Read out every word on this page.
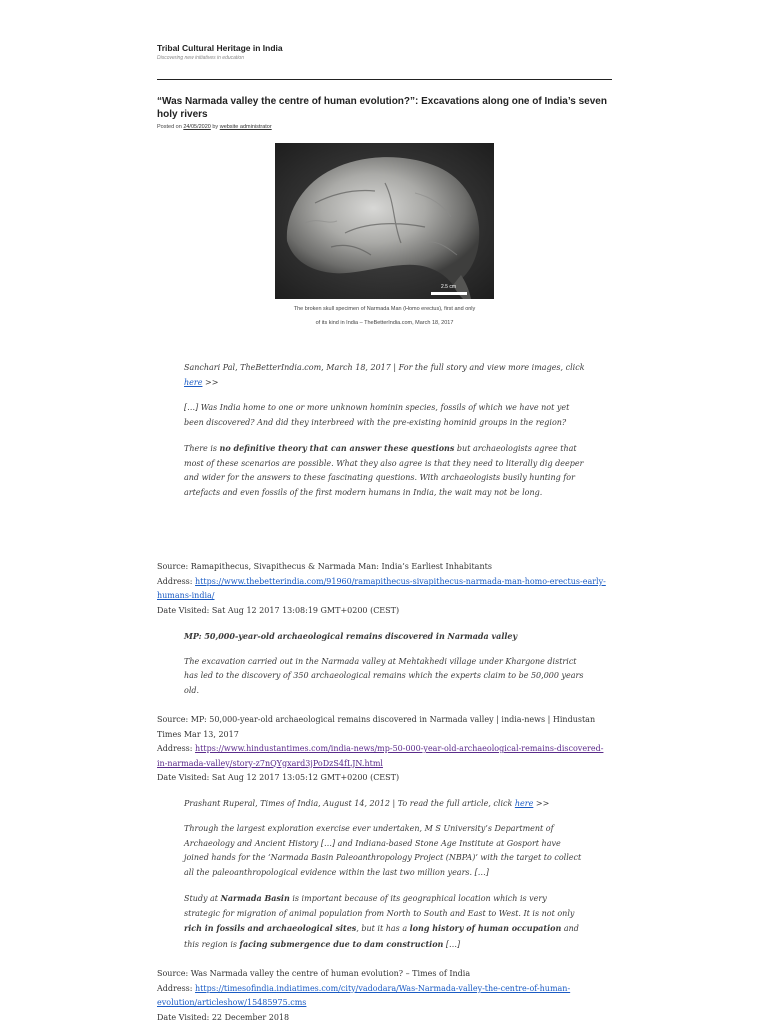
Tribal Cultural Heritage in India
Discovering new initiatives in education
“Was Narmada valley the centre of human evolution?”: Excavations along one of India’s seven holy rivers
Posted on 24/05/2020 by website administrator
2.5 cm
The broken skull specimen of Narmada Man (Homo erectus), first and only
of its kind in India – TheBetterIndia.com, March 18, 2017

Sanchari Pal, TheBetterIndia.com, March 18, 2017 | For the full story and view more images, click here >>

[…] Was India home to one or more unknown hominin species, fossils of which we have not yet been discovered? And did they interbreed with the pre-existing hominid groups in the region?

There is no definitive theory that can answer these questions but archaeologists agree that most of these scenarios are possible. What they also agree is that they need to literally dig deeper and wider for the answers to these fascinating questions. With archaeologists busily hunting for artefacts and even fossils of the first modern humans in India, the wait may not be long.

Source: Ramapithecus, Sivapithecus & Narmada Man: India’s Earliest Inhabitants

Address: https://www.thebetterindia.com/91960/ramapithecus-sivapithecus-narmada-man-homo-erectus-early-humans-india/

Date Visited: Sat Aug 12 2017 13:08:19 GMT+0200 (CEST)

MP: 50,000-year-old archaeological remains discovered in Narmada valley

The excavation carried out in the Narmada valley at Mehtakhedi village under Khargone district has led to the discovery of 350 archaeological remains which the experts claim to be 50,000 years old.

Source: MP: 50,000-year-old archaeological remains discovered in Narmada valley | india-news | Hindustan Times Mar 13, 2017

Address: https://www.hindustantimes.com/india-news/mp-50-000-year-old-archaeological-remains-discovered-in-narmada-valley/story-z7nQYgxard3jPoDzS4fLJN.html

Date Visited: Sat Aug 12 2017 13:05:12 GMT+0200 (CEST)

Prashant Ruperal, Times of India, August 14, 2012 | To read the full article, click here >>

Through the largest exploration exercise ever undertaken, M S University’s Department of Archaeology and Ancient History […] and Indiana-based Stone Age Institute at Gosport have joined hands for the ‘Narmada Basin Paleoanthropology Project (NBPA)’ with the target to collect all the paleoanthropological evidence within the last two million years. […]

Study at Narmada Basin is important because of its geographical location which is very strategic for migration of animal population from North to South and East to West. It is not only rich in fossils and archaeological sites, but it has a long history of human occupation and this region is facing submergence due to dam construction […]

Source: Was Narmada valley the centre of human evolution? – Times of India

Address: https://timesofindia.indiatimes.com/city/vadodara/Was-Narmada-valley-the-centre-of-human-evolution/articleshow/15485975.cms

Date Visited: 22 December 2018
